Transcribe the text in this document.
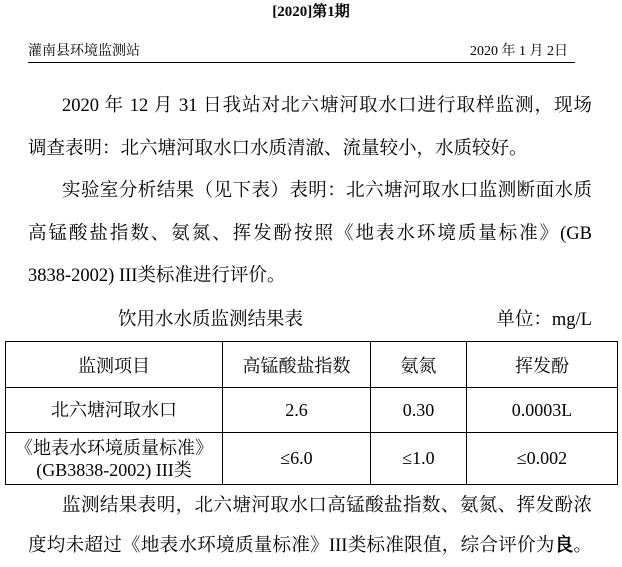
[2020]第1期
灌南县环境监测站	2020 年 1 月 2日
2020 年 12 月 31 日我站对北六塘河取水口进行取样监测，现场
调查表明：北六塘河取水口水质清澈、流量较小，水质较好。
实验室分析结果（见下表）表明：北六塘河取水口监测断面水质
高锰酸盐指数、氨氮、挥发酚按照《地表水环境质量标准》(GB
3838-2002) III类标准进行评价。
饮用水水质监测结果表	单位：mg/L
监测项目	高锰酸盐指数	氨氮	挥发酚

北六塘河取水口	2.6	0.30	0.0003L

《地表水环境质量标准》
(GB3838-2002) III类	≤6.0	≤1.0	≤0.002
监测结果表明，北六塘河取水口高锰酸盐指数、氨氮、挥发酚浓
度均未超过《地表水环境质量标准》III类标准限值，综合评价为良。
